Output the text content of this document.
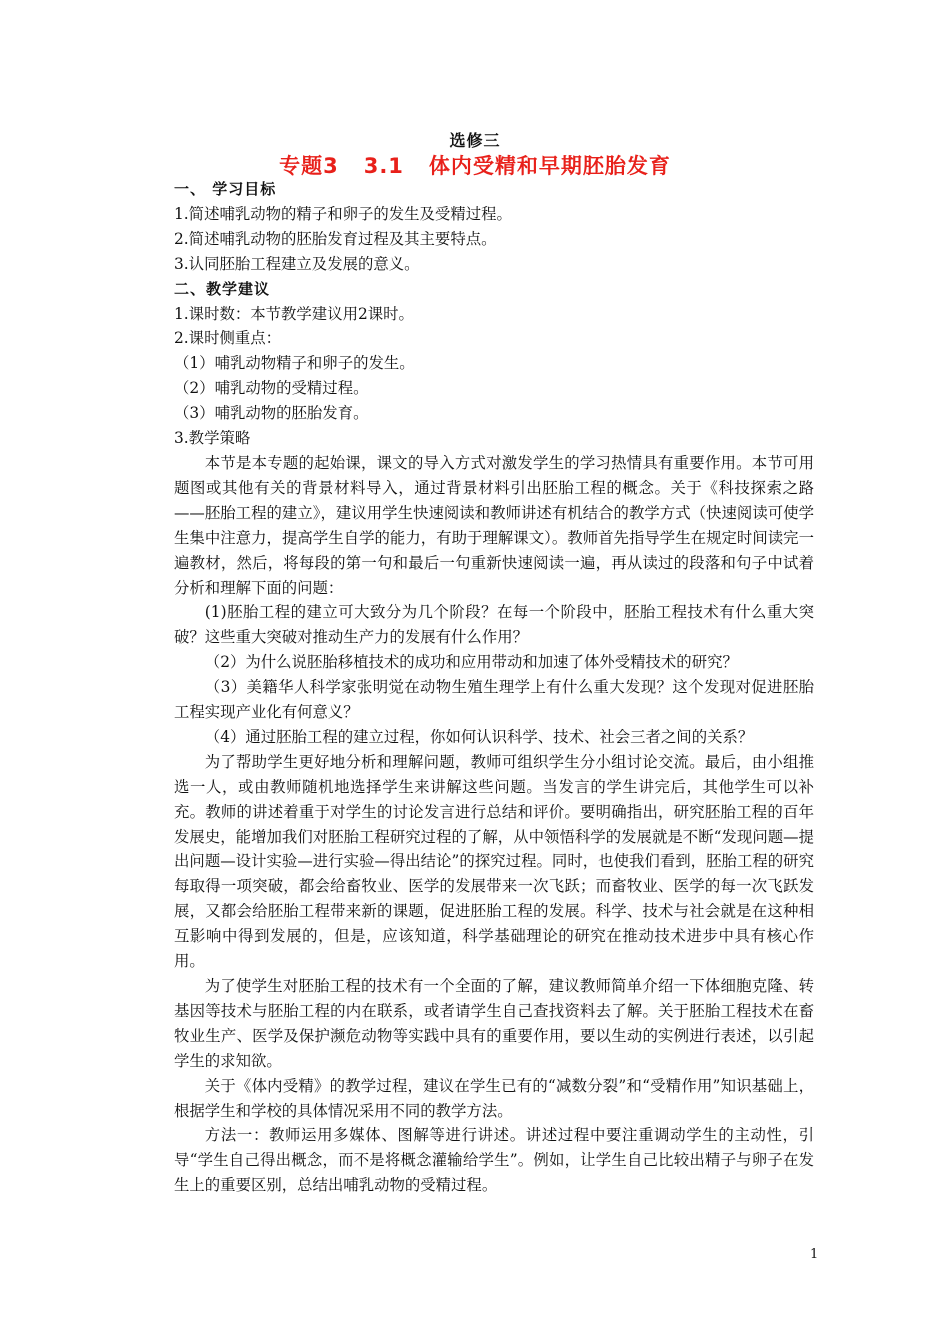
选修三
专题3   3.1   体内受精和早期胚胎发育

一、 学习目标

1.简述哺乳动物的精子和卵子的发生及受精过程。

2.简述哺乳动物的胚胎发育过程及其主要特点。

3.认同胚胎工程建立及发展的意义。

二、教学建议

1.课时数：本节教学建议用2课时。

2.课时侧重点：

（1）哺乳动物精子和卵子的发生。

（2）哺乳动物的受精过程。

（3）哺乳动物的胚胎发育。

3.教学策略

本节是本专题的起始课，课文的导入方式对激发学生的学习热情具有重要作用。本节可用题图或其他有关的背景材料导入，通过背景材料引出胚胎工程的概念。关于《科技探索之路——胚胎工程的建立》，建议用学生快速阅读和教师讲述有机结合的教学方式（快速阅读可使学生集中注意力，提高学生自学的能力，有助于理解课文）。教师首先指导学生在规定时间读完一遍教材，然后，将每段的第一句和最后一句重新快速阅读一遍，再从读过的段落和句子中试着分析和理解下面的问题：

(1)胚胎工程的建立可大致分为几个阶段？在每一个阶段中，胚胎工程技术有什么重大突破？这些重大突破对推动生产力的发展有什么作用？

（2）为什么说胚胎移植技术的成功和应用带动和加速了体外受精技术的研究？

（3）美籍华人科学家张明觉在动物生殖生理学上有什么重大发现？这个发现对促进胚胎工程实现产业化有何意义？

（4）通过胚胎工程的建立过程，你如何认识科学、技术、社会三者之间的关系？

为了帮助学生更好地分析和理解问题，教师可组织学生分小组讨论交流。最后，由小组推选一人，或由教师随机地选择学生来讲解这些问题。当发言的学生讲完后，其他学生可以补充。教师的讲述着重于对学生的讨论发言进行总结和评价。要明确指出，研究胚胎工程的百年发展史，能增加我们对胚胎工程研究过程的了解，从中领悟科学的发展就是不断“发现问题—提出问题—设计实验—进行实验—得出结论”的探究过程。同时，也使我们看到，胚胎工程的研究每取得一项突破，都会给畜牧业、医学的发展带来一次飞跃；而畜牧业、医学的每一次飞跃发展，又都会给胚胎工程带来新的课题，促进胚胎工程的发展。科学、技术与社会就是在这种相互影响中得到发展的，但是，应该知道，科学基础理论的研究在推动技术进步中具有核心作用。

为了使学生对胚胎工程的技术有一个全面的了解，建议教师简单介绍一下体细胞克隆、转基因等技术与胚胎工程的内在联系，或者请学生自己查找资料去了解。关于胚胎工程技术在畜牧业生产、医学及保护濒危动物等实践中具有的重要作用，要以生动的实例进行表述，以引起学生的求知欲。

关于《体内受精》的教学过程，建议在学生已有的“减数分裂”和“受精作用”知识基础上，根据学生和学校的具体情况采用不同的教学方法。

方法一：教师运用多媒体、图解等进行讲述。讲述过程中要注重调动学生的主动性，引导“学生自己得出概念，而不是将概念灌输给学生”。例如，让学生自己比较出精子与卵子在发生上的重要区别，总结出哺乳动物的受精过程。

1
